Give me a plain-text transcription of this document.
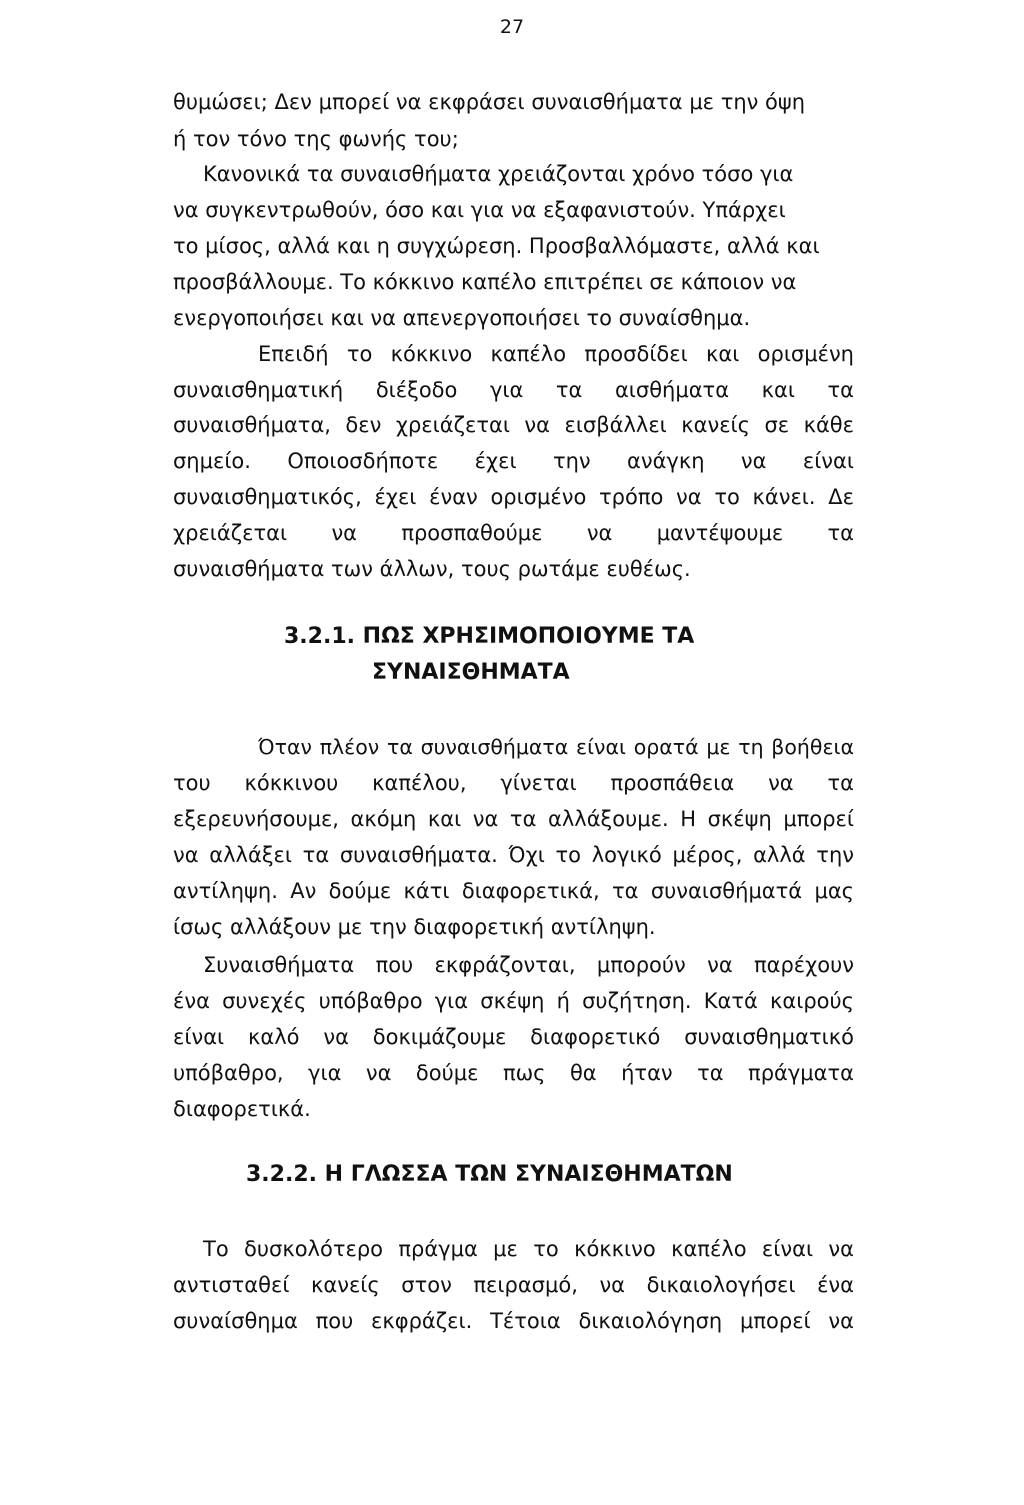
27
θυμώσει; Δεν μπορεί να εκφράσει συναισθήματα με την όψη
ή τον τόνο της φωνής του;
Κανονικά τα συναισθήματα χρειάζονται χρόνο τόσο για
να συγκεντρωθούν, όσο και για να εξαφανιστούν. Υπάρχει
το μίσος, αλλά και η συγχώρεση. Προσβαλλόμαστε, αλλά και
προσβάλλουμε. Το κόκκινο καπέλο επιτρέπει σε κάποιον να
ενεργοποιήσει και να απενεργοποιήσει το συναίσθημα.
Επειδή το κόκκινο καπέλο προσδίδει και ορισμένη
συναισθηματική διέξοδο για τα αισθήματα και τα
συναισθήματα, δεν χρειάζεται να εισβάλλει κανείς σε κάθε
σημείο. Οποιοσδήποτε έχει την ανάγκη να είναι
συναισθηματικός, έχει έναν ορισμένο τρόπο να το κάνει. Δε
χρειάζεται να προσπαθούμε να μαντέψουμε τα
συναισθήματα των άλλων, τους ρωτάμε ευθέως.
3.2.1. ΠΩΣ ΧΡΗΣΙΜΟΠΟΙΟΥΜΕ ΤΑ
ΣΥΝΑΙΣΘΗΜΑΤΑ
Όταν πλέον τα συναισθήματα είναι ορατά με τη βοήθεια
του κόκκινου καπέλου, γίνεται προσπάθεια να τα
εξερευνήσουμε, ακόμη και να τα αλλάξουμε. Η σκέψη μπορεί
να αλλάξει τα συναισθήματα. Όχι το λογικό μέρος, αλλά την
αντίληψη. Αν δούμε κάτι διαφορετικά, τα συναισθήματά μας
ίσως αλλάξουν με την διαφορετική αντίληψη.
Συναισθήματα που εκφράζονται, μπορούν να παρέχουν
ένα συνεχές υπόβαθρο για σκέψη ή συζήτηση. Κατά καιρούς
είναι καλό να δοκιμάζουμε διαφορετικό συναισθηματικό
υπόβαθρο, για να δούμε πως θα ήταν τα πράγματα
διαφορετικά.
3.2.2. Η ΓΛΩΣΣΑ ΤΩΝ ΣΥΝΑΙΣΘΗΜΑΤΩΝ
Το δυσκολότερο πράγμα με το κόκκινο καπέλο είναι να
αντισταθεί κανείς στον πειρασμό, να δικαιολογήσει ένα
συναίσθημα που εκφράζει. Τέτοια δικαιολόγηση μπορεί να
